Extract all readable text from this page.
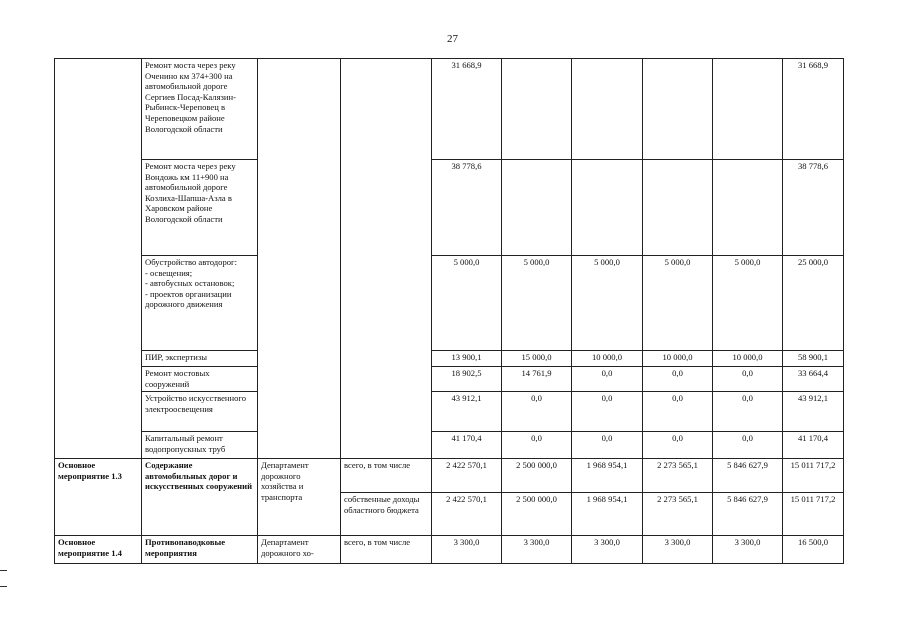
27
	Ремонт моста через реку Оченино км 374+300 на автомобильной дороге Сергиев Посад-Калязин-Рыбинск-Череповец в Череповецком районе Вологодской области			31 668,9					31 668,9
	Ремонт моста через реку Вондожь км 11+900 на автомобильной дороге Козлиха-Шапша-Азла в Харовском районе Вологодской области			38 778,6					38 778,6
	Обустройство автодорог:
- освещения;
- автобусных остановок;
- проектов организации дорожного движения			5 000,0	5 000,0	5 000,0	5 000,0	5 000,0	25 000,0
	ПИР, экспертизы			13 900,1	15 000,0	10 000,0	10 000,0	10 000,0	58 900,1
	Ремонт мостовых сооружений			18 902,5	14 761,9	0,0	0,0	0,0	33 664,4
	Устройство искусственного электроосвещения			43 912,1	0,0	0,0	0,0	0,0	43 912,1
	Капитальный ремонт водопропускных труб			41 170,4	0,0	0,0	0,0	0,0	41 170,4
Основное мероприятие 1.3	Содержание автомобильных дорог и искусственных сооружений	Департамент дорожного хозяйства и транспорта	всего, в том числе	2 422 570,1	2 500 000,0	1 968 954,1	2 273 565,1	5 846 627,9	15 011 717,2
			собственные доходы областного бюджета	2 422 570,1	2 500 000,0	1 968 954,1	2 273 565,1	5 846 627,9	15 011 717,2
Основное мероприятие 1.4	Противопаводковые мероприятия	Департамент дорожного хо-	всего, в том числе	3 300,0	3 300,0	3 300,0	3 300,0	3 300,0	16 500,0
